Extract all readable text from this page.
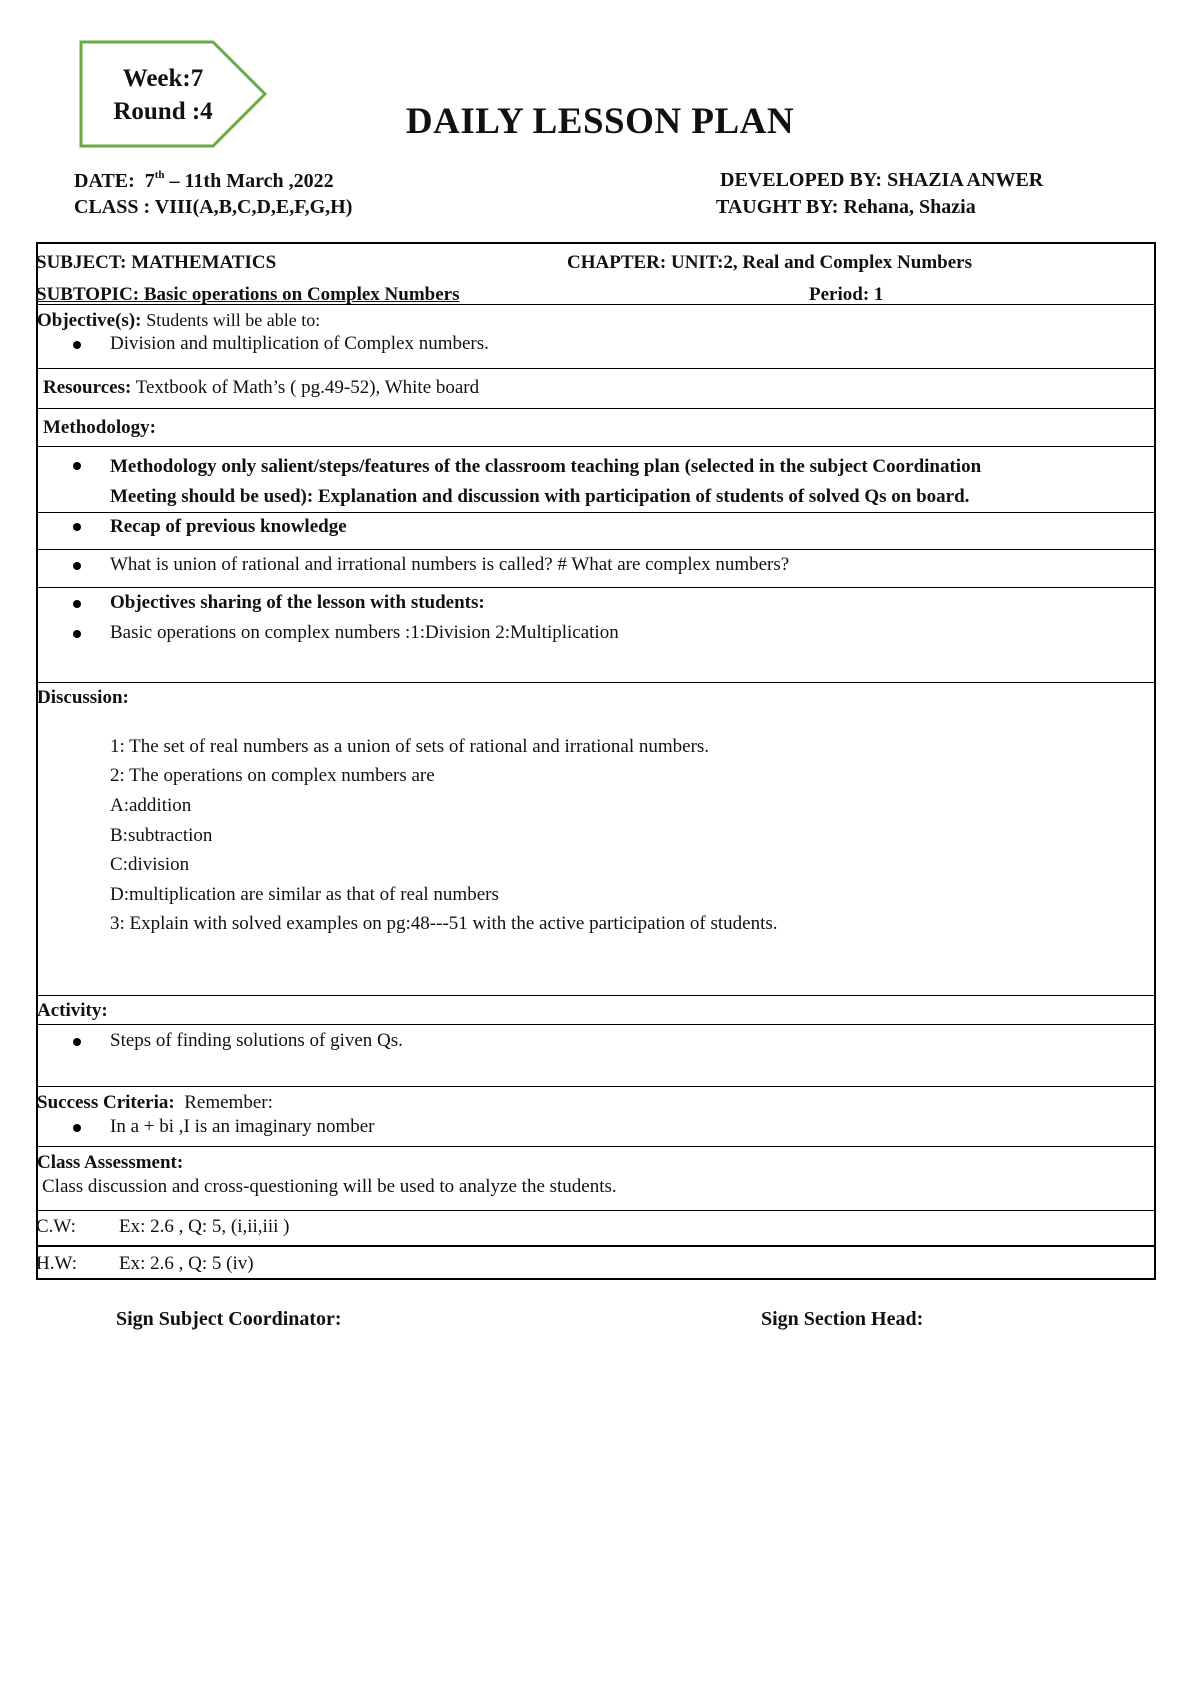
Week:7
Round :4	DAILY LESSON PLAN
DATE: 7th – 11th March ,2022
CLASS : VIII(A,B,C,D,E,F,G,H)
DEVELOPED BY: SHAZIA ANWER
TAUGHT BY: Rehana, Shazia
SUBJECT: MATHEMATICS	CHAPTER: UNIT:2, Real and Complex Numbers
SUBTOPIC: Basic operations on Complex Numbers	Period: 1
Objective(s): Students will be able to:
Division and multiplication of Complex numbers.
Resources: Textbook of Math’s ( pg.49-52), White board
Methodology:
Methodology only salient/steps/features of the classroom teaching plan (selected in the subject Coordination
Meeting should be used): Explanation and discussion with participation of students of solved Qs on board.
Recap of previous knowledge
What is union of rational and irrational numbers is called? # What are complex numbers?
Objectives sharing of the lesson with students:
Basic operations on complex numbers :1:Division 2:Multiplication
Discussion:
1: The set of real numbers as a union of sets of rational and irrational numbers.
2: The operations on complex numbers are
A:addition
B:subtraction
C:division
D:multiplication are similar as that of real numbers
3: Explain with solved examples on pg:48---51 with the active participation of students.
Activity:
Steps of finding solutions of given Qs.
Success Criteria: Remember:
In a + bi ,I is an imaginary nomber
Class Assessment:
Class discussion and cross-questioning will be used to analyze the students.
C.W: Ex: 2.6 , Q: 5, (i,ii,iii )
H.W: Ex: 2.6 , Q: 5 (iv)
Sign Subject Coordinator:	Sign Section Head:
